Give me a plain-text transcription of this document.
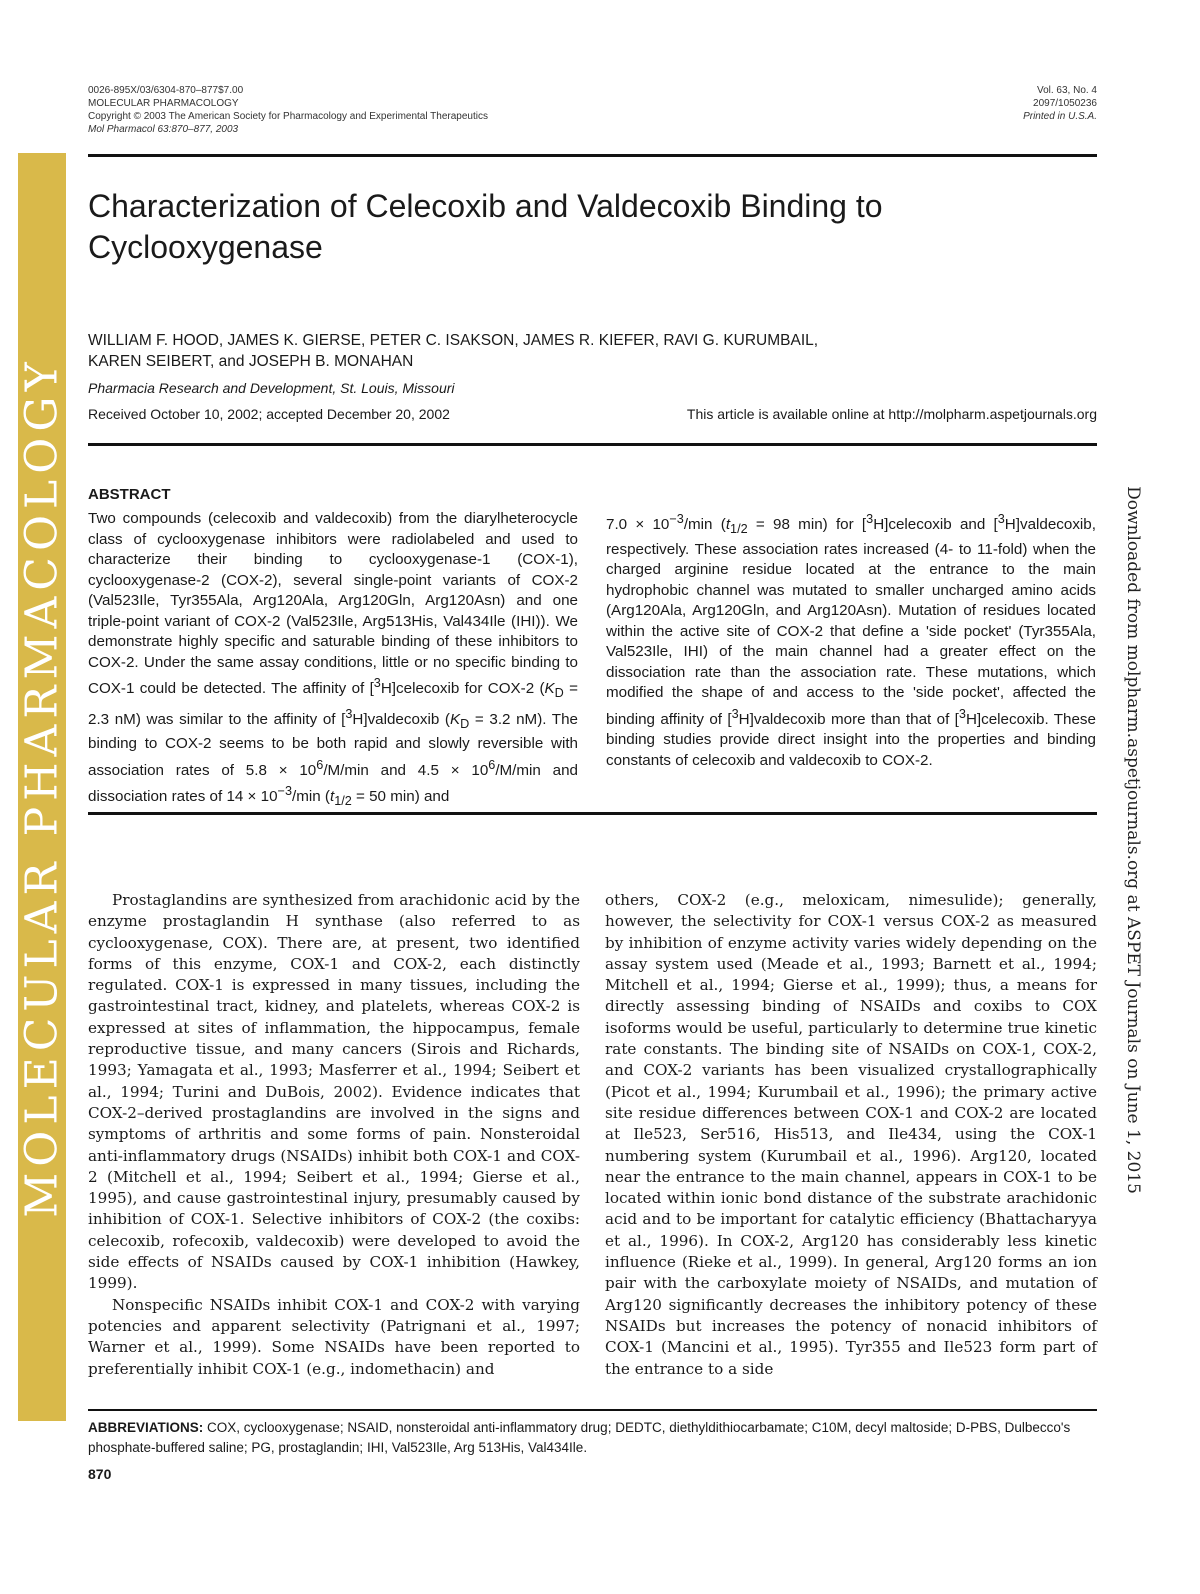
MOLECULAR PHARMACOLOGY	Downloaded from molpharm.aspetjournals.org at ASPET Journals on June 1, 2015
0026-895X/03/6304-870–877$7.00
MOLECULAR PHARMACOLOGY
Copyright © 2003 The American Society for Pharmacology and Experimental Therapeutics
Mol Pharmacol 63:870–877, 2003
Vol. 63, No. 4
2097/1050236
Printed in U.S.A.
Characterization of Celecoxib and Valdecoxib Binding to
Cyclooxygenase
WILLIAM F. HOOD, JAMES K. GIERSE, PETER C. ISAKSON, JAMES R. KIEFER, RAVI G. KURUMBAIL,
KAREN SEIBERT, and JOSEPH B. MONAHAN
Pharmacia Research and Development, St. Louis, Missouri
Received October 10, 2002; accepted December 20, 2002	This article is available online at http://molpharm.aspetjournals.org
ABSTRACT
Two compounds (celecoxib and valdecoxib) from the diarylheterocycle class of cyclooxygenase inhibitors were radiolabeled and used to characterize their binding to cyclooxygenase-1 (COX-1), cyclooxygenase-2 (COX-2), several single-point variants of COX-2 (Val523Ile, Tyr355Ala, Arg120Ala, Arg120Gln, Arg120Asn) and one triple-point variant of COX-2 (Val523Ile, Arg513His, Val434Ile (IHI)). We demonstrate highly specific and saturable binding of these inhibitors to COX-2. Under the same assay conditions, little or no specific binding to COX-1 could be detected. The affinity of [$^3$H]celecoxib for COX-2 ($K_D = 2.3$ nM) was similar to the affinity of [$^3$H]valdecoxib ($K_D = 3.2$ nM). The binding to COX-2 seems to be both rapid and slowly reversible with association rates of $5.8 \times 10^6/M/\min$ and $4.5 \times 10^6/M/\min$ and dissociation rates of $14 \times 10^{-3}/\min$ ($t_{1/2} = 50$ min) and
$7.0 \times 10^{-3}/\min$ ($t_{1/2} = 98$ min) for [$^3$H]celecoxib and [$^3$H]valdecoxib, respectively. These association rates increased (4- to 11-fold) when the charged arginine residue located at the entrance to the main hydrophobic channel was mutated to smaller uncharged amino acids (Arg120Ala, Arg120Gln, and Arg120Asn). Mutation of residues located within the active site of COX-2 that define a 'side pocket' (Tyr355Ala, Val523Ile, IHI) of the main channel had a greater effect on the dissociation rate than the association rate. These mutations, which modified the shape of and access to the 'side pocket', affected the binding affinity of [$^3$H]valdecoxib more than that of [$^3$H]celecoxib. These binding studies provide direct insight into the properties and binding constants of celecoxib and valdecoxib to COX-2.

Prostaglandins are synthesized from arachidonic acid by the enzyme prostaglandin H synthase (also referred to as cyclooxygenase, COX). There are, at present, two identified forms of this enzyme, COX-1 and COX-2, each distinctly regulated. COX-1 is expressed in many tissues, including the gastrointestinal tract, kidney, and platelets, whereas COX-2 is expressed at sites of inflammation, the hippocampus, female reproductive tissue, and many cancers (Sirois and Richards, 1993; Yamagata et al., 1993; Masferrer et al., 1994; Seibert et al., 1994; Turini and DuBois, 2002). Evidence indicates that COX-2–derived prostaglandins are involved in the signs and symptoms of arthritis and some forms of pain. Nonsteroidal anti-inflammatory drugs (NSAIDs) inhibit both COX-1 and COX-2 (Mitchell et al., 1994; Seibert et al., 1994; Gierse et al., 1995), and cause gastrointestinal injury, presumably caused by inhibition of COX-1. Selective inhibitors of COX-2 (the coxibs: celecoxib, rofecoxib, valdecoxib) were developed to avoid the side effects of NSAIDs caused by COX-1 inhibition (Hawkey, 1999).

Nonspecific NSAIDs inhibit COX-1 and COX-2 with varying potencies and apparent selectivity (Patrignani et al., 1997; Warner et al., 1999). Some NSAIDs have been reported to preferentially inhibit COX-1 (e.g., indomethacin) and

others, COX-2 (e.g., meloxicam, nimesulide); generally, however, the selectivity for COX-1 versus COX-2 as measured by inhibition of enzyme activity varies widely depending on the assay system used (Meade et al., 1993; Barnett et al., 1994; Mitchell et al., 1994; Gierse et al., 1999); thus, a means for directly assessing binding of NSAIDs and coxibs to COX isoforms would be useful, particularly to determine true kinetic rate constants. The binding site of NSAIDs on COX-1, COX-2, and COX-2 variants has been visualized crystallographically (Picot et al., 1994; Kurumbail et al., 1996); the primary active site residue differences between COX-1 and COX-2 are located at Ile523, Ser516, His513, and Ile434, using the COX-1 numbering system (Kurumbail et al., 1996). Arg120, located near the entrance to the main channel, appears in COX-1 to be located within ionic bond distance of the substrate arachidonic acid and to be important for catalytic efficiency (Bhattacharyya et al., 1996). In COX-2, Arg120 has considerably less kinetic influence (Rieke et al., 1999). In general, Arg120 forms an ion pair with the carboxylate moiety of NSAIDs, and mutation of Arg120 significantly decreases the inhibitory potency of these NSAIDs but increases the potency of nonacid inhibitors of COX-1 (Mancini et al., 1995). Tyr355 and Ile523 form part of the entrance to a side

ABBREVIATIONS: COX, cyclooxygenase; NSAID, nonsteroidal anti-inflammatory drug; DEDTC, diethyldithiocarbamate; C10M, decyl maltoside; D-PBS, Dulbecco's phosphate-buffered saline; PG, prostaglandin; IHI, Val523Ile, Arg 513His, Val434Ile.
870
